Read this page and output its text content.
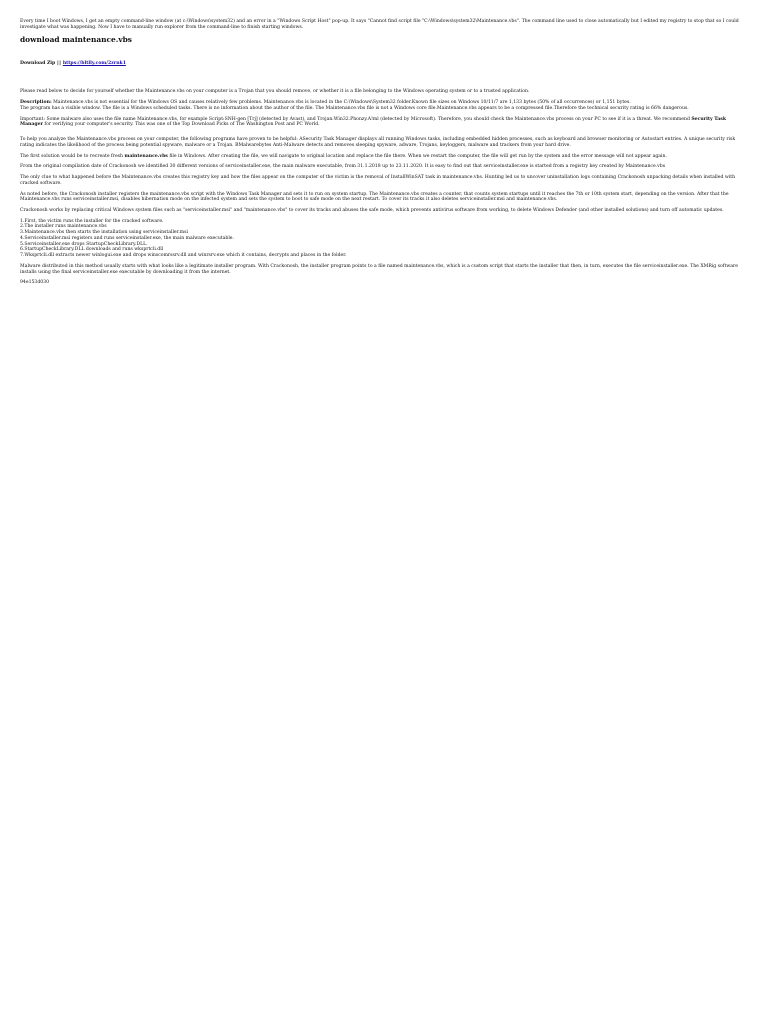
Every time I boot Windows, I get an empty command-line window (at c:\Windows\system32) and an error in a "Windows Script Host" pop-up. It says "Cannot find script file "C:\Windows\system32\Maintenance.vbs". The command line used to close automatically but I edited my registry to stop that so I could investigate what was happening. Now I have to manually run explorer from the command-line to finish starting windows.

download maintenance.vbs
Download Zip ||| https://bltlly.com/2zrnk1

Please read below to decide for yourself whether the Maintenance.vbs on your computer is a Trojan that you should remove, or whether it is a file belonging to the Windows operating system or to a trusted application.

Description: Maintenance.vbs is not essential for the Windows OS and causes relatively few problems. Maintenance.vbs is located in the C:\Windows\System32 folder.Known file sizes on Windows 10/11/7 are 1,133 bytes (50% of all occurrences) or 1,151 bytes.
The program has a visible window. The file is a Windows scheduled tasks. There is no information about the author of the file. The Maintenance.vbs file is not a Windows core file.Maintenance.vbs appears to be a compressed file.Therefore the technical security rating is 66% dangerous.

Important: Some malware also uses the file name Maintenance.vbs, for example Script:SNH-gen [Trj] (detected by Avast), and Trojan.Win32.Phonzy.A!ml (detected by Microsoft). Therefore, you should check the Maintenance.vbs process on your PC to see if it is a threat. We recommend Security Task Manager for verifying your computer's security. This was one of the Top Download Picks of The Washington Post and PC World.

To help you analyze the Maintenance.vbs process on your computer, the following programs have proven to be helpful: ASecurity Task Manager displays all running Windows tasks, including embedded hidden processes, such as keyboard and browser monitoring or Autostart entries. A unique security risk rating indicates the likelihood of the process being potential spyware, malware or a Trojan. BMalwarebytes Anti-Malware detects and removes sleeping spyware, adware, Trojans, keyloggers, malware and trackers from your hard drive.

The first solution would be to recreate fresh maintenance.vbs file in Windows. After creating the file, we will navigate to original location and replace the file there. When we restart the computer, the file will get run by the system and the error message will not appear again.

From the original compilation date of Crackonosh we identified 30 different versions of serviceinstaller.exe, the main malware executable, from 31.1.2018 up to 23.11.2020. It is easy to find out that serviceinstaller.exe is started from a registry key created by Maintenance.vbs

The only clue to what happened before the Maintenance.vbs creates this registry key and how the files appear on the computer of the victim is the removal of InstallWinSAT task in maintenance.vbs. Hunting led us to uncover uninstallation logs containing Crackonosh unpacking details when installed with cracked software.

As noted before, the Crackonosh installer registers the maintenance.vbs script with the Windows Task Manager and sets it to run on system startup. The Maintenance.vbs creates a counter, that counts system startups until it reaches the 7th or 10th system start, depending on the version. After that the Maintenance.vbs runs serviceinstaller.msi, disables hibernation mode on the infected system and sets the system to boot to safe mode on the next restart. To cover its tracks it also deletes serviceinstaller.msi and maintenance.vbs.

Crackonosh works by replacing critical Windows system files such as "serviceinstaller.msi" and "maintenance.vbs" to cover its tracks and abuses the safe mode, which prevents antivirus software from working, to delete Windows Defender (and other installed solutions) and turn off automatic updates.

1.First, the victim runs the installer for the cracked software.
2.The installer runs maintenance.vbs
3.Maintenance.vbs then starts the installation using serviceinstaller.msi
4.Serviceinstaller.msi registers and runs serviceinstaller.exe, the main malware executable.
5.Serviceinstaller.exe drops StartupCheckLibrary.DLL.
6.StartupCheckLibrary.DLL downloads and runs wksprtcli.dll
7.Wksprtcli.dll extracts newer winlogui.exe and drops winscomrssrv.dll and winrsrv.exe which it contains, decrypts and places in the folder.

Malware distributed in this method usually starts with what looks like a legitimate installer program. With Crackonosh, the installer program points to a file named maintenance.vbs, which is a custom script that starts the installer that then, in turn, executes the file serviceinstaller.exe. The XMRig software installs using the final serviceinstaller.exe executable by downloading it from the internet.

94e153d030
